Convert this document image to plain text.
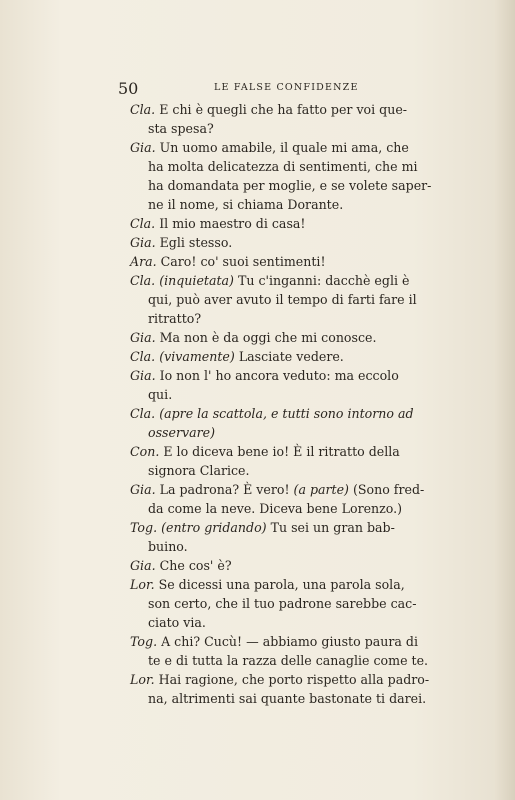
50	LE FALSE CONFIDENZE
Cla. E chi è quegli che ha fatto per voi que-
sta spesa?
Gia. Un uomo amabile, il quale mi ama, che
ha molta delicatezza di sentimenti, che mi
ha domandata per moglie, e se volete saper-
ne il nome, si chiama Dorante.
Cla. Il mio maestro di casa!
Gia. Egli stesso.
Ara. Caro! co' suoi sentimenti!
Cla. (inquietata) Tu c'inganni: dacchè egli è
qui, può aver avuto il tempo di farti fare il
ritratto?
Gia. Ma non è da oggi che mi conosce.
Cla. (vivamente) Lasciate vedere.
Gia. Io non l' ho ancora veduto: ma eccolo
qui.
Cla. (apre la scattola, e tutti sono intorno ad
osservare)
Con. E lo diceva bene io! È il ritratto della
signora Clarice.
Gia. La padrona? È vero! (a parte) (Sono fred-
da come la neve. Diceva bene Lorenzo.)
Tog. (entro gridando) Tu sei un gran bab-
buino.
Gia. Che cos' è?
Lor. Se dicessi una parola, una parola sola,
son certo, che il tuo padrone sarebbe cac-
ciato via.
Tog. A chi? Cucù! — abbiamo giusto paura di
te e di tutta la razza delle canaglie come te.
Lor. Hai ragione, che porto rispetto alla padro-
na, altrimenti sai quante bastonate ti darei.
